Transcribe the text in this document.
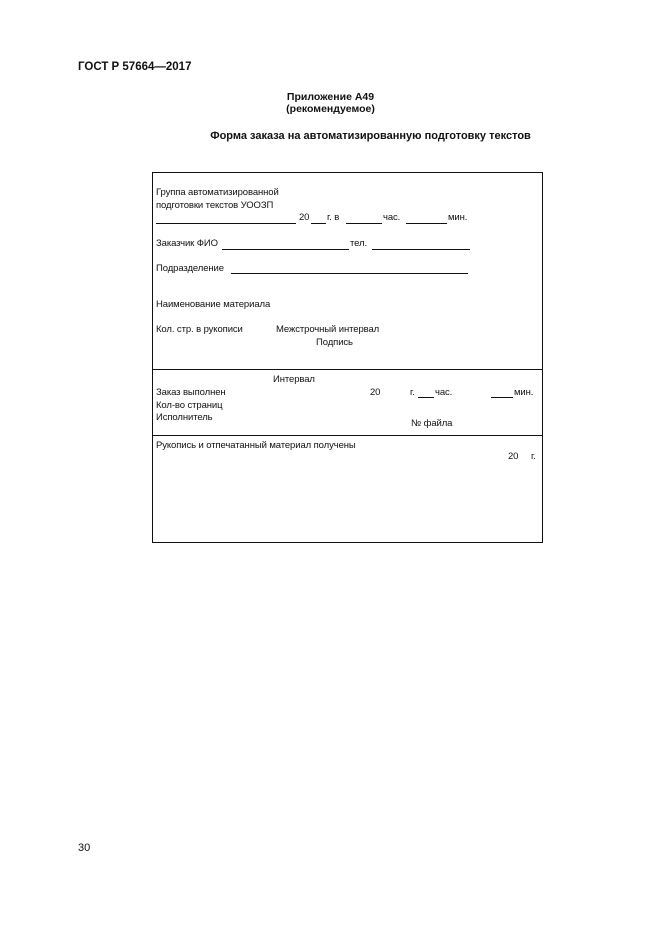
ГОСТ Р 57664—2017
Приложение А49
(рекомендуемое)
Форма заказа на автоматизированную подготовку текстов
Группа автоматизированной
подготовки текстов УООЗП
20 г. в	час.	мин.
Заказчик ФИО	тел.
Подразделение
Наименование материала
Кол. стр. в рукописи	Межстрочный интервал
Подпись
Интервал
Заказ выполнен	20	г. час.	мин.
Кол-во страниц
Исполнитель
№ файла
Рукопись и отпечатанный материал получены
20 г.
30
